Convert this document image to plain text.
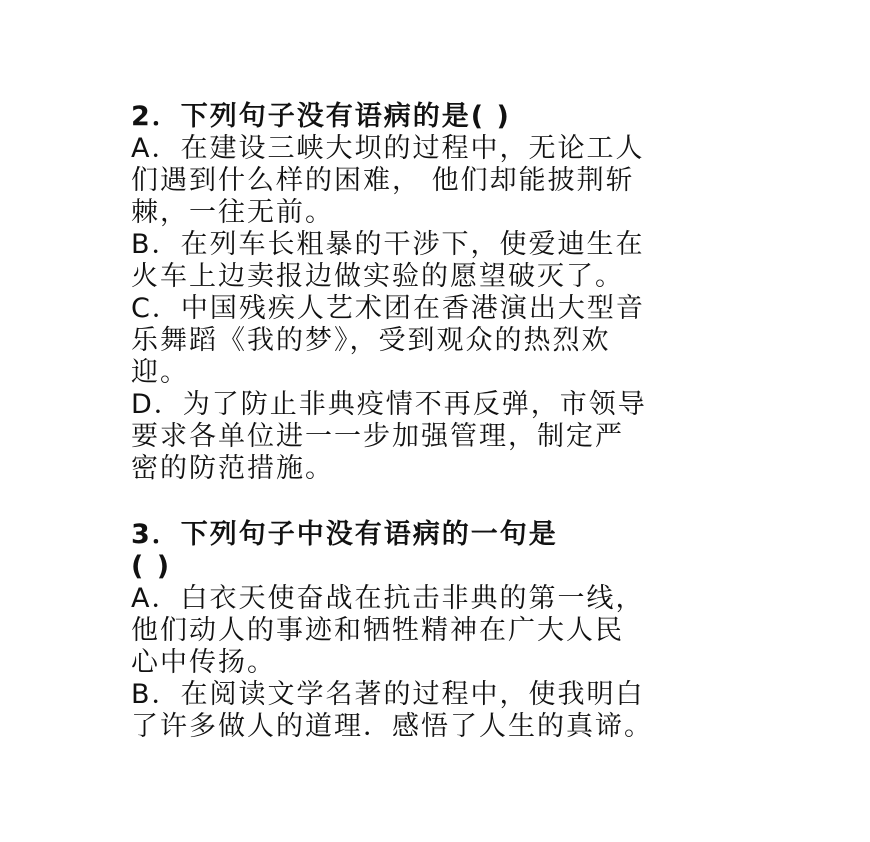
2．下列句子没有语病的是( )
A．在建设三峡大坝的过程中，无论工人
们遇到什么样的困难， 他们却能披荆斩
棘，一往无前。
B．在列车长粗暴的干涉下，使爱迪生在
火车上边卖报边做实验的愿望破灭了。
C．中国残疾人艺术团在香港演出大型音
乐舞蹈《我的梦》，受到观众的热烈欢
迎。
D．为了防止非典疫情不再反弹，市领导
要求各单位进一一步加强管理，制定严
密的防范措施。
3．下列句子中没有语病的一句是
( )
A．白衣天使奋战在抗击非典的第一线，
他们动人的事迹和牺牲精神在广大人民
心中传扬。
B．在阅读文学名著的过程中，使我明白
了许多做人的道理．感悟了人生的真谛。
